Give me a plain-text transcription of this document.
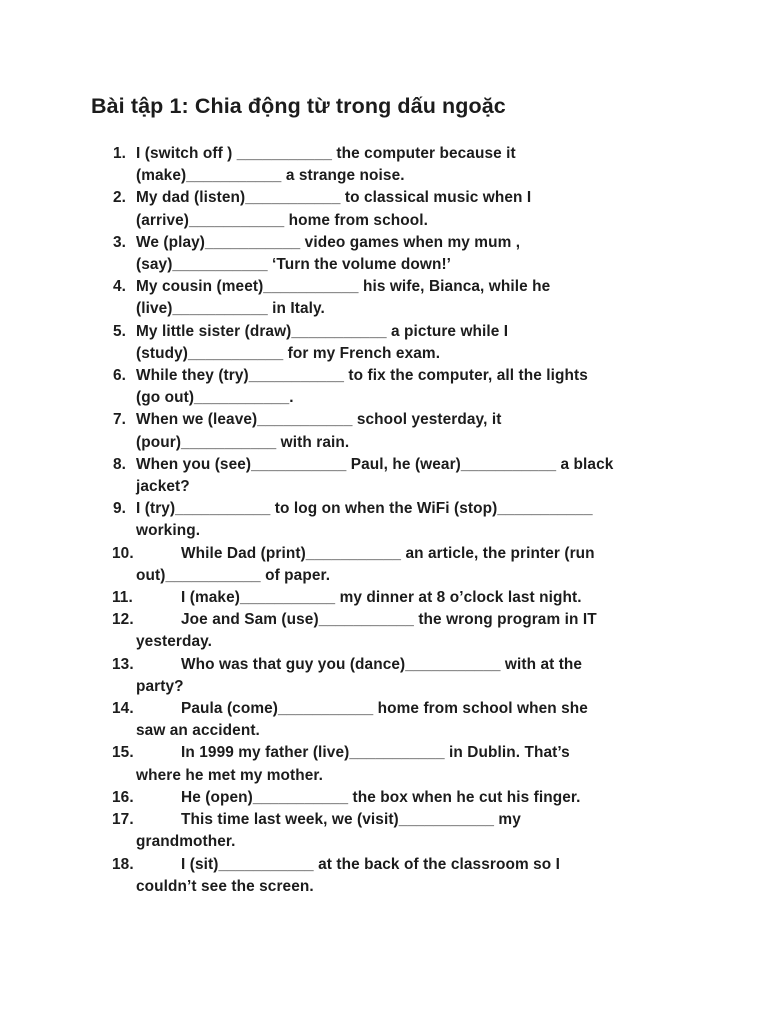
Bài tập 1: Chia động từ trong dấu ngoặc
1. I (switch off ) ___________ the computer because it
(make)___________ a strange noise.
2. My dad (listen)___________ to classical music when I
(arrive)___________ home from school.
3. We (play)___________ video games when my mum ,
(say)___________ ‘Turn the volume down!’
4. My cousin (meet)___________ his wife, Bianca, while he
(live)___________ in Italy.
5. My little sister (draw)___________ a picture while I
(study)___________ for my French exam.
6. While they (try)___________ to fix the computer, all the lights
(go out)___________.
7. When we (leave)___________ school yesterday, it
(pour)___________ with rain.
8. When you (see)___________ Paul, he (wear)___________ a black
jacket?
9. I (try)___________ to log on when the WiFi (stop)___________
working.
10.	While Dad (print)___________ an article, the printer (run
out)___________ of paper.
11.	I (make)___________ my dinner at 8 o’clock last night.
12.	Joe and Sam (use)___________ the wrong program in IT
yesterday.
13.	Who was that guy you (dance)___________ with at the
party?
14.	Paula (come)___________ home from school when she
saw an accident.
15.	In 1999 my father (live)___________ in Dublin. That’s
where he met my mother.
16.	He (open)___________ the box when he cut his finger.
17.	This time last week, we (visit)___________ my
grandmother.
18.	I (sit)___________ at the back of the classroom so I
couldn’t see the screen.
